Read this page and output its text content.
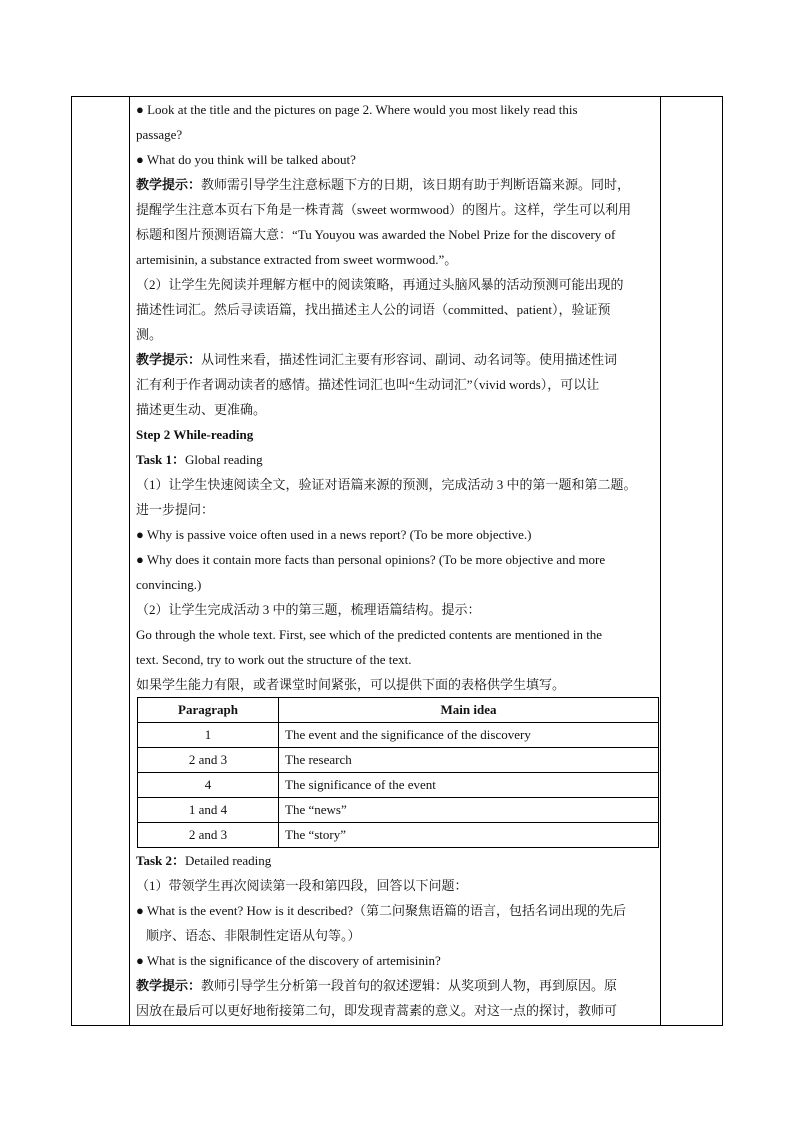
● Look at the title and the pictures on page 2. Where would you most likely read this

passage?

● What do you think will be talked about?

教学提示：教师需引导学生注意标题下方的日期，该日期有助于判断语篇来源。同时，

提醒学生注意本页右下角是一株青蒿（sweet wormwood）的图片。这样，学生可以利用

标题和图片预测语篇大意：“Tu Youyou was awarded the Nobel Prize for the discovery of

artemisinin, a substance extracted from sweet wormwood.”。

（2）让学生先阅读并理解方框中的阅读策略，再通过头脑风暴的活动预测可能出现的

描述性词汇。然后寻读语篇，找出描述主人公的词语（committed、patient），验证预

测。

教学提示：从词性来看，描述性词汇主要有形容词、副词、动名词等。使用描述性词

汇有利于作者调动读者的感情。描述性词汇也叫“生动词汇”（vivid words），可以让

描述更生动、更准确。

Step 2 While-reading

Task 1：Global reading

（1）让学生快速阅读全文，验证对语篇来源的预测，完成活动 3 中的第一题和第二题。

进一步提问：

● Why is passive voice often used in a news report? (To be more objective.)

● Why does it contain more facts than personal opinions? (To be more objective and more

convincing.)

（2）让学生完成活动 3 中的第三题，梳理语篇结构。提示：

Go through the whole text. First, see which of the predicted contents are mentioned in the

text. Second, try to work out the structure of the text.

如果学生能力有限，或者课堂时间紧张，可以提供下面的表格供学生填写。

Paragraph	Main idea
1	The event and the significance of the discovery
2 and 3	The research
4	The significance of the event
1 and 4	The “news”
2 and 3	The “story”

Task 2：Detailed reading

（1）带领学生再次阅读第一段和第四段，回答以下问题：

● What is the event? How is it described?（第二问聚焦语篇的语言，包括名词出现的先后

顺序、语态、非限制性定语从句等。）

● What is the significance of the discovery of artemisinin?

教学提示：教师引导学生分析第一段首句的叙述逻辑：从奖项到人物，再到原因。原

因放在最后可以更好地衔接第二句，即发现青蒿素的意义。对这一点的探讨，教师可
